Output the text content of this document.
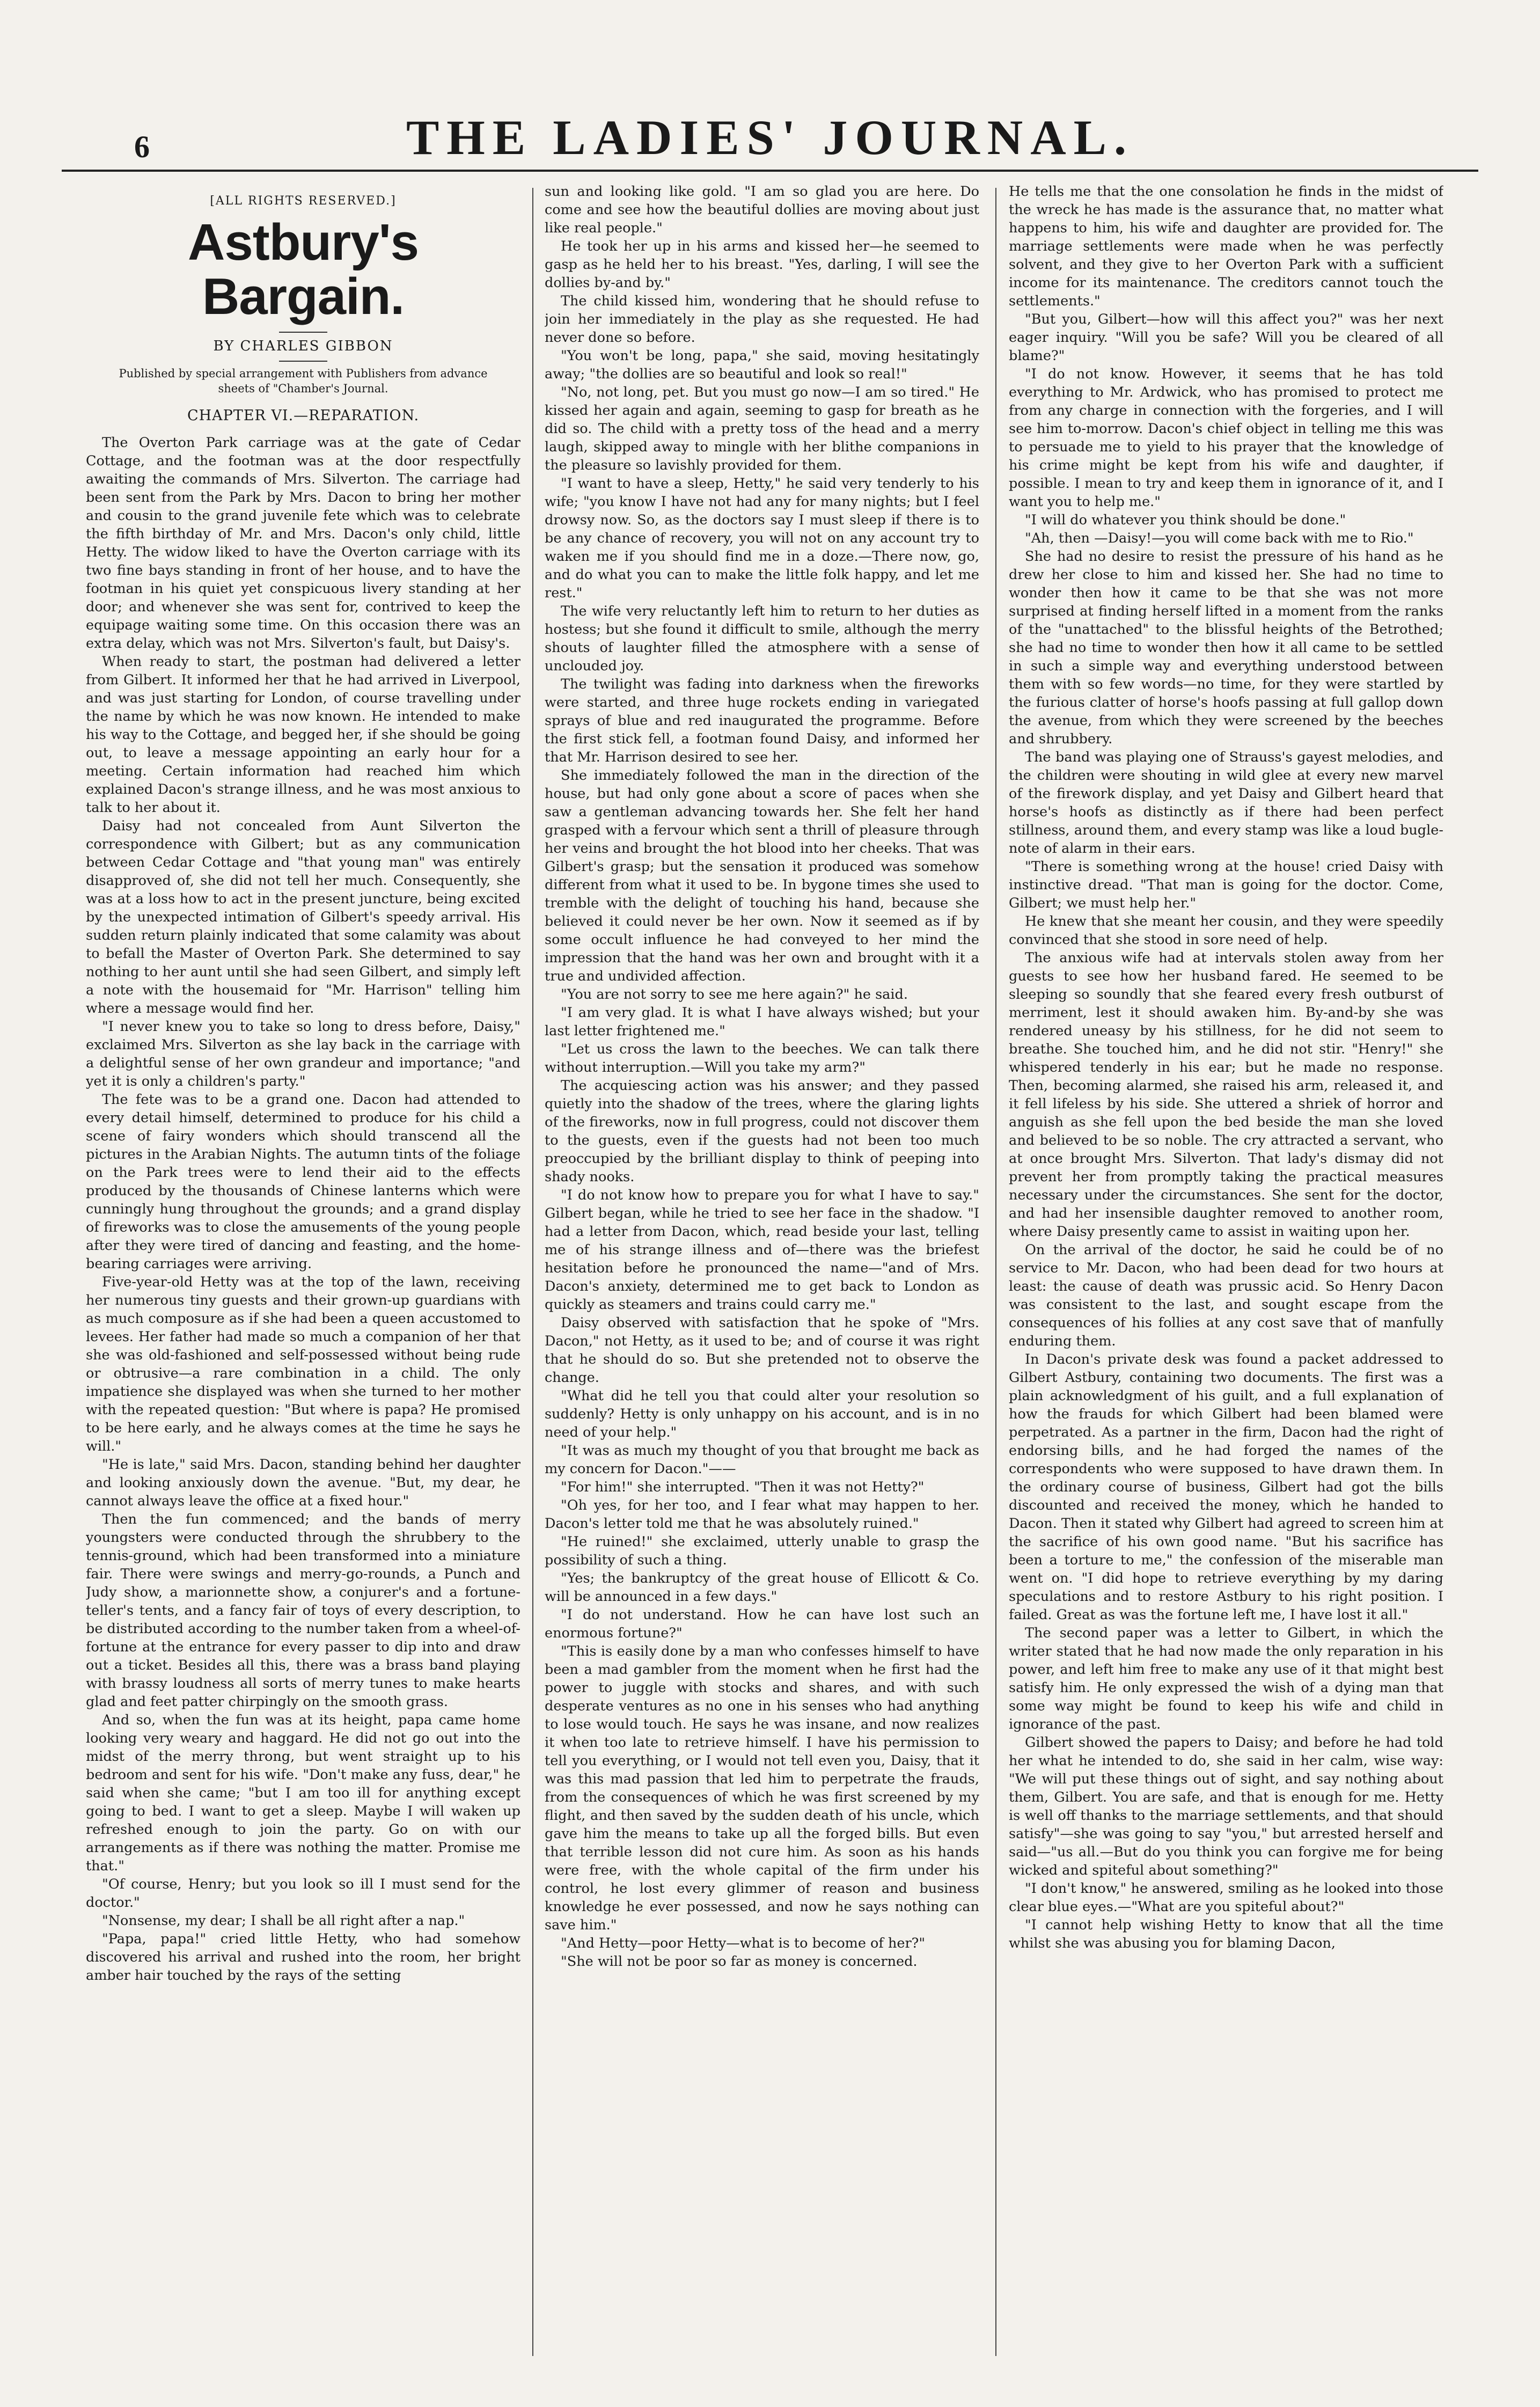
THE LADIES' JOURNAL.
6
[ALL RIGHTS RESERVED.]
Astbury's Bargain.
BY CHARLES GIBBON
Published by special arrangement with Publishers from advance sheets of "Chamber's Journal.
CHAPTER VI.—REPARATION.

The Overton Park carriage was at the gate of Cedar Cottage, and the footman was at the door respectfully awaiting the commands of Mrs. Silverton. The carriage had been sent from the Park by Mrs. Dacon to bring her mother and cousin to the grand juvenile fete which was to celebrate the fifth birthday of Mr. and Mrs. Dacon's only child, little Hetty. The widow liked to have the Overton carriage with its two fine bays standing in front of her house, and to have the footman in his quiet yet conspicuous livery standing at her door; and whenever she was sent for, contrived to keep the equipage waiting some time. On this occasion there was an extra delay, which was not Mrs. Silverton's fault, but Daisy's.

When ready to start, the postman had delivered a letter from Gilbert. It informed her that he had arrived in Liverpool, and was just starting for London, of course travelling under the name by which he was now known. He intended to make his way to the Cottage, and begged her, if she should be going out, to leave a message appointing an early hour for a meeting. Certain information had reached him which explained Dacon's strange illness, and he was most anxious to talk to her about it.

Daisy had not concealed from Aunt Silverton the correspondence with Gilbert; but as any communication between Cedar Cottage and "that young man" was entirely disapproved of, she did not tell her much. Consequently, she was at a loss how to act in the present juncture, being excited by the unexpected intimation of Gilbert's speedy arrival. His sudden return plainly indicated that some calamity was about to befall the Master of Overton Park. She determined to say nothing to her aunt until she had seen Gilbert, and simply left a note with the housemaid for "Mr. Harrison" telling him where a message would find her.

"I never knew you to take so long to dress before, Daisy," exclaimed Mrs. Silverton as she lay back in the carriage with a delightful sense of her own grandeur and importance; "and yet it is only a children's party."

The fete was to be a grand one. Dacon had attended to every detail himself, determined to produce for his child a scene of fairy wonders which should transcend all the pictures in the Arabian Nights. The autumn tints of the foliage on the Park trees were to lend their aid to the effects produced by the thousands of Chinese lanterns which were cunningly hung throughout the grounds; and a grand display of fireworks was to close the amusements of the young people after they were tired of dancing and feasting, and the home-bearing carriages were arriving.

Five-year-old Hetty was at the top of the lawn, receiving her numerous tiny guests and their grown-up guardians with as much composure as if she had been a queen accustomed to levees. Her father had made so much a companion of her that she was old-fashioned and self-possessed without being rude or obtrusive—a rare combination in a child. The only impatience she displayed was when she turned to her mother with the repeated question: "But where is papa? He promised to be here early, and he always comes at the time he says he will."

"He is late," said Mrs. Dacon, standing behind her daughter and looking anxiously down the avenue. "But, my dear, he cannot always leave the office at a fixed hour."

Then the fun commenced; and the bands of merry youngsters were conducted through the shrubbery to the tennis-ground, which had been transformed into a miniature fair. There were swings and merry-go-rounds, a Punch and Judy show, a marionnette show, a conjurer's and a fortune-teller's tents, and a fancy fair of toys of every description, to be distributed according to the number taken from a wheel-of-fortune at the entrance for every passer to dip into and draw out a ticket. Besides all this, there was a brass band playing with brassy loudness all sorts of merry tunes to make hearts glad and feet patter chirpingly on the smooth grass.

And so, when the fun was at its height, papa came home looking very weary and haggard. He did not go out into the midst of the merry throng, but went straight up to his bedroom and sent for his wife. "Don't make any fuss, dear," he said when she came; "but I am too ill for anything except going to bed. I want to get a sleep. Maybe I will waken up refreshed enough to join the party. Go on with our arrangements as if there was nothing the matter. Promise me that."

"Of course, Henry; but you look so ill I must send for the doctor."

"Nonsense, my dear; I shall be all right after a nap."

"Papa, papa!" cried little Hetty, who had somehow discovered his arrival and rushed into the room, her bright amber hair touched by the rays of the setting

sun and looking like gold. "I am so glad you are here. Do come and see how the beautiful dollies are moving about just like real people."

He took her up in his arms and kissed her—he seemed to gasp as he held her to his breast. "Yes, darling, I will see the dollies by-and by."

The child kissed him, wondering that he should refuse to join her immediately in the play as she requested. He had never done so before.

"You won't be long, papa," she said, moving hesitatingly away; "the dollies are so beautiful and look so real!"

"No, not long, pet. But you must go now—I am so tired." He kissed her again and again, seeming to gasp for breath as he did so. The child with a pretty toss of the head and a merry laugh, skipped away to mingle with her blithe companions in the pleasure so lavishly provided for them.

"I want to have a sleep, Hetty," he said very tenderly to his wife; "you know I have not had any for many nights; but I feel drowsy now. So, as the doctors say I must sleep if there is to be any chance of recovery, you will not on any account try to waken me if you should find me in a doze.—There now, go, and do what you can to make the little folk happy, and let me rest."

The wife very reluctantly left him to return to her duties as hostess; but she found it difficult to smile, although the merry shouts of laughter filled the atmosphere with a sense of unclouded joy.

The twilight was fading into darkness when the fireworks were started, and three huge rockets ending in variegated sprays of blue and red inaugurated the programme. Before the first stick fell, a footman found Daisy, and informed her that Mr. Harrison desired to see her.

She immediately followed the man in the direction of the house, but had only gone about a score of paces when she saw a gentleman advancing towards her. She felt her hand grasped with a fervour which sent a thrill of pleasure through her veins and brought the hot blood into her cheeks. That was Gilbert's grasp; but the sensation it produced was somehow different from what it used to be. In bygone times she used to tremble with the delight of touching his hand, because she believed it could never be her own. Now it seemed as if by some occult influence he had conveyed to her mind the impression that the hand was her own and brought with it a true and undivided affection.

"You are not sorry to see me here again?" he said.

"I am very glad. It is what I have always wished; but your last letter frightened me."

"Let us cross the lawn to the beeches. We can talk there without interruption.—Will you take my arm?"

The acquiescing action was his answer; and they passed quietly into the shadow of the trees, where the glaring lights of the fireworks, now in full progress, could not discover them to the guests, even if the guests had not been too much preoccupied by the brilliant display to think of peeping into shady nooks.

"I do not know how to prepare you for what I have to say." Gilbert began, while he tried to see her face in the shadow. "I had a letter from Dacon, which, read beside your last, telling me of his strange illness and of—there was the briefest hesitation before he pronounced the name—"and of Mrs. Dacon's anxiety, determined me to get back to London as quickly as steamers and trains could carry me."

Daisy observed with satisfaction that he spoke of "Mrs. Dacon," not Hetty, as it used to be; and of course it was right that he should do so. But she pretended not to observe the change.

"What did he tell you that could alter your resolution so suddenly? Hetty is only unhappy on his account, and is in no need of your help."

"It was as much my thought of you that brought me back as my concern for Dacon."——

"For him!" she interrupted. "Then it was not Hetty?"

"Oh yes, for her too, and I fear what may happen to her. Dacon's letter told me that he was absolutely ruined."

"He ruined!" she exclaimed, utterly unable to grasp the possibility of such a thing.

"Yes; the bankruptcy of the great house of Ellicott & Co. will be announced in a few days."

"I do not understand. How he can have lost such an enormous fortune?"

"This is easily done by a man who confesses himself to have been a mad gambler from the moment when he first had the power to juggle with stocks and shares, and with such desperate ventures as no one in his senses who had anything to lose would touch. He says he was insane, and now realizes it when too late to retrieve himself. I have his permission to tell you everything, or I would not tell even you, Daisy, that it was this mad passion that led him to perpetrate the frauds, from the consequences of which he was first screened by my flight, and then saved by the sudden death of his uncle, which gave him the means to take up all the forged bills. But even that terrible lesson did not cure him. As soon as his hands were free, with the whole capital of the firm under his control, he lost every glimmer of reason and business knowledge he ever possessed, and now he says nothing can save him."

"And Hetty—poor Hetty—what is to become of her?"

"She will not be poor so far as money is concerned.

He tells me that the one consolation he finds in the midst of the wreck he has made is the assurance that, no matter what happens to him, his wife and daughter are provided for. The marriage settlements were made when he was perfectly solvent, and they give to her Overton Park with a sufficient income for its maintenance. The creditors cannot touch the settlements."

"But you, Gilbert—how will this affect you?" was her next eager inquiry. "Will you be safe? Will you be cleared of all blame?"

"I do not know. However, it seems that he has told everything to Mr. Ardwick, who has promised to protect me from any charge in connection with the forgeries, and I will see him to-morrow. Dacon's chief object in telling me this was to persuade me to yield to his prayer that the knowledge of his crime might be kept from his wife and daughter, if possible. I mean to try and keep them in ignorance of it, and I want you to help me."

"I will do whatever you think should be done."

"Ah, then —Daisy!—you will come back with me to Rio."

She had no desire to resist the pressure of his hand as he drew her close to him and kissed her. She had no time to wonder then how it came to be that she was not more surprised at finding herself lifted in a moment from the ranks of the "unattached" to the blissful heights of the Betrothed; she had no time to wonder then how it all came to be settled in such a simple way and everything understood between them with so few words—no time, for they were startled by the furious clatter of horse's hoofs passing at full gallop down the avenue, from which they were screened by the beeches and shrubbery.

The band was playing one of Strauss's gayest melodies, and the children were shouting in wild glee at every new marvel of the firework display, and yet Daisy and Gilbert heard that horse's hoofs as distinctly as if there had been perfect stillness, around them, and every stamp was like a loud bugle-note of alarm in their ears.

"There is something wrong at the house! cried Daisy with instinctive dread. "That man is going for the doctor. Come, Gilbert; we must help her."

He knew that she meant her cousin, and they were speedily convinced that she stood in sore need of help.

The anxious wife had at intervals stolen away from her guests to see how her husband fared. He seemed to be sleeping so soundly that she feared every fresh outburst of merriment, lest it should awaken him. By-and-by she was rendered uneasy by his stillness, for he did not seem to breathe. She touched him, and he did not stir. "Henry!" she whispered tenderly in his ear; but he made no response. Then, becoming alarmed, she raised his arm, released it, and it fell lifeless by his side. She uttered a shriek of horror and anguish as she fell upon the bed beside the man she loved and believed to be so noble. The cry attracted a servant, who at once brought Mrs. Silverton. That lady's dismay did not prevent her from promptly taking the practical measures necessary under the circumstances. She sent for the doctor, and had her insensible daughter removed to another room, where Daisy presently came to assist in waiting upon her.

On the arrival of the doctor, he said he could be of no service to Mr. Dacon, who had been dead for two hours at least: the cause of death was prussic acid. So Henry Dacon was consistent to the last, and sought escape from the consequences of his follies at any cost save that of manfully enduring them.

In Dacon's private desk was found a packet addressed to Gilbert Astbury, containing two documents. The first was a plain acknowledgment of his guilt, and a full explanation of how the frauds for which Gilbert had been blamed were perpetrated. As a partner in the firm, Dacon had the right of endorsing bills, and he had forged the names of the correspondents who were supposed to have drawn them. In the ordinary course of business, Gilbert had got the bills discounted and received the money, which he handed to Dacon. Then it stated why Gilbert had agreed to screen him at the sacrifice of his own good name. "But his sacrifice has been a torture to me," the confession of the miserable man went on. "I did hope to retrieve everything by my daring speculations and to restore Astbury to his right position. I failed. Great as was the fortune left me, I have lost it all."

The second paper was a letter to Gilbert, in which the writer stated that he had now made the only reparation in his power, and left him free to make any use of it that might best satisfy him. He only expressed the wish of a dying man that some way might be found to keep his wife and child in ignorance of the past.

Gilbert showed the papers to Daisy; and before he had told her what he intended to do, she said in her calm, wise way: "We will put these things out of sight, and say nothing about them, Gilbert. You are safe, and that is enough for me. Hetty is well off thanks to the marriage settlements, and that should satisfy"—she was going to say "you," but arrested herself and said—"us all.—But do you think you can forgive me for being wicked and spiteful about something?"

"I don't know," he answered, smiling as he looked into those clear blue eyes.—"What are you spiteful about?"

"I cannot help wishing Hetty to know that all the time whilst she was abusing you for blaming Dacon,
